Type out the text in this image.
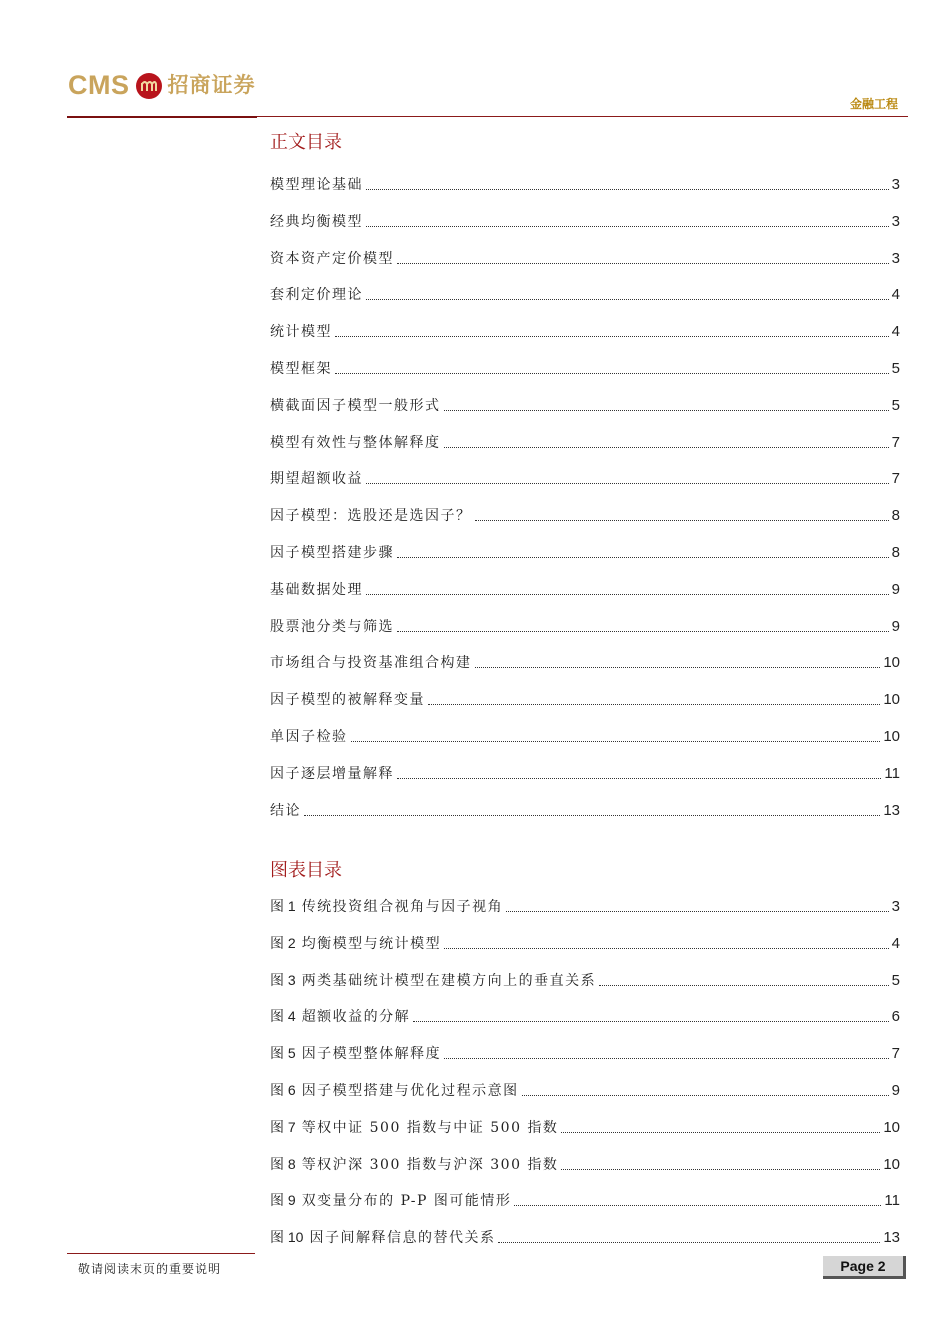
CMS 招商证券
金融工程
正文目录
模型理论基础	3
经典均衡模型	3
资本资产定价模型	3
套利定价理论	4
统计模型	4
模型框架	5
横截面因子模型一般形式	5
模型有效性与整体解释度	7
期望超额收益	7
因子模型：选股还是选因子？	8
因子模型搭建步骤	8
基础数据处理	9
股票池分类与筛选	9
市场组合与投资基准组合构建	10
因子模型的被解释变量	10
单因子检验	10
因子逐层增量解释	11
结论	13
图表目录
图 1 传统投资组合视角与因子视角	3
图 2 均衡模型与统计模型	4
图 3 两类基础统计模型在建模方向上的垂直关系	5
图 4 超额收益的分解	6
图 5 因子模型整体解释度	7
图 6 因子模型搭建与优化过程示意图	9
图 7 等权中证 500 指数与中证 500 指数	10
图 8 等权沪深 300 指数与沪深 300 指数	10
图 9 双变量分布的 P-P 图可能情形	11
图 10 因子间解释信息的替代关系	13
敬请阅读末页的重要说明	Page 2
